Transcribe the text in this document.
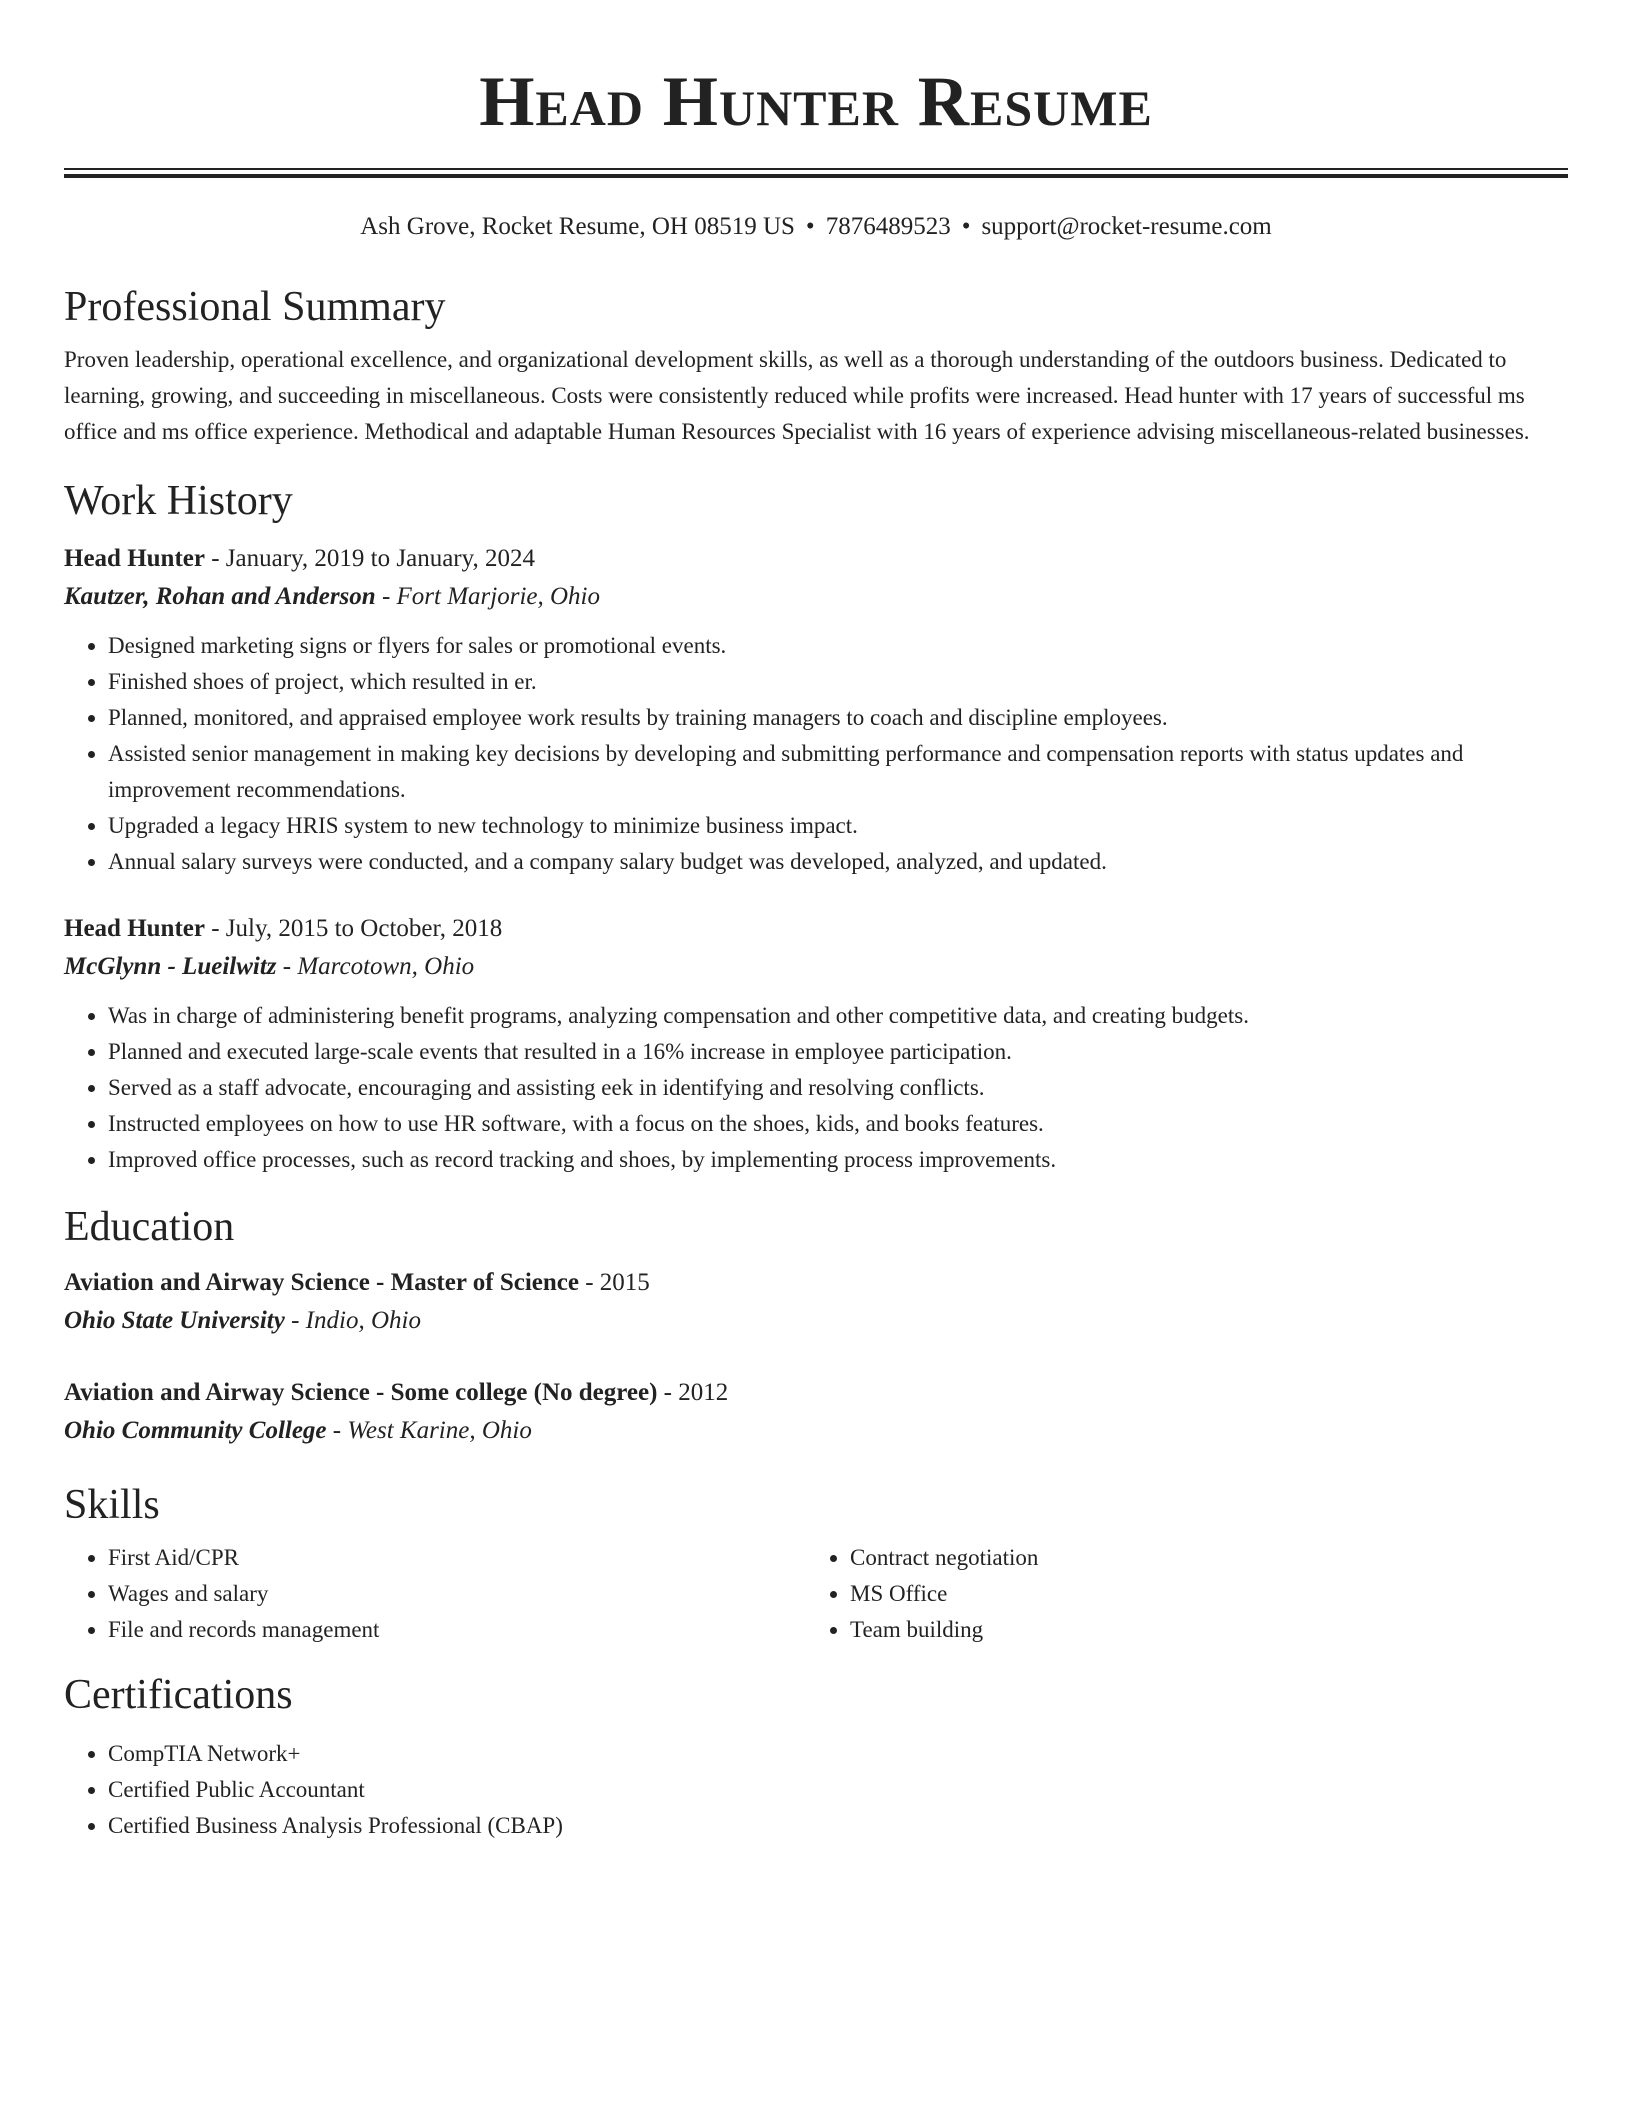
Head Hunter Resume
Ash Grove, Rocket Resume, OH 08519 US • 7876489523 • support@rocket-resume.com
Professional Summary
Proven leadership, operational excellence, and organizational development skills, as well as a thorough understanding of the outdoors business. Dedicated to learning, growing, and succeeding in miscellaneous. Costs were consistently reduced while profits were increased. Head hunter with 17 years of successful ms office and ms office experience. Methodical and adaptable Human Resources Specialist with 16 years of experience advising miscellaneous-related businesses.
Work History
Head Hunter - January, 2019 to January, 2024
Kautzer, Rohan and Anderson - Fort Marjorie, Ohio
• Designed marketing signs or flyers for sales or promotional events.
• Finished shoes of project, which resulted in er.
• Planned, monitored, and appraised employee work results by training managers to coach and discipline employees.
• Assisted senior management in making key decisions by developing and submitting performance and compensation reports with status updates and improvement recommendations.
• Upgraded a legacy HRIS system to new technology to minimize business impact.
• Annual salary surveys were conducted, and a company salary budget was developed, analyzed, and updated.
Head Hunter - July, 2015 to October, 2018
McGlynn - Lueilwitz - Marcotown, Ohio
• Was in charge of administering benefit programs, analyzing compensation and other competitive data, and creating budgets.
• Planned and executed large-scale events that resulted in a 16% increase in employee participation.
• Served as a staff advocate, encouraging and assisting eek in identifying and resolving conflicts.
• Instructed employees on how to use HR software, with a focus on the shoes, kids, and books features.
• Improved office processes, such as record tracking and shoes, by implementing process improvements.
Education
Aviation and Airway Science - Master of Science - 2015
Ohio State University - Indio, Ohio
Aviation and Airway Science - Some college (No degree) - 2012
Ohio Community College - West Karine, Ohio
Skills
• First Aid/CPR
• Wages and salary
• File and records management
• Contract negotiation
• MS Office
• Team building
Certifications
• CompTIA Network+
• Certified Public Accountant
• Certified Business Analysis Professional (CBAP)
